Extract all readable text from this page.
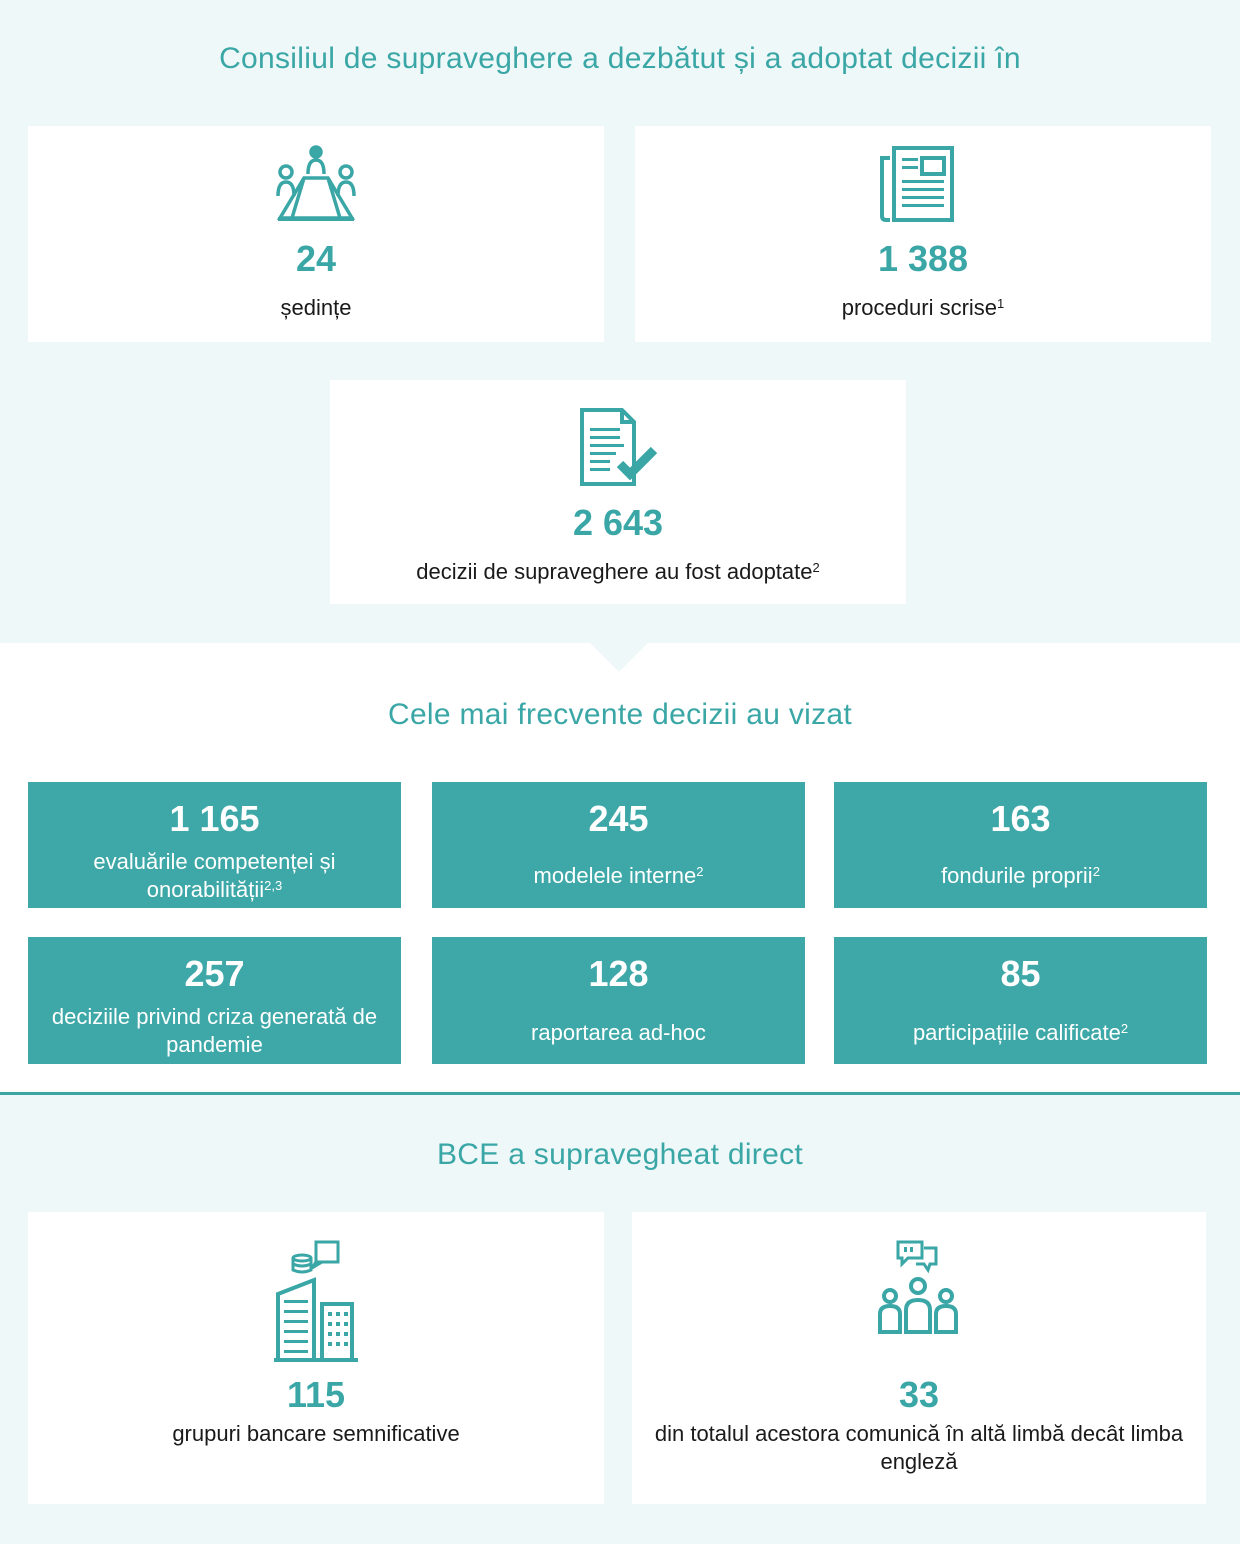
Consiliul de supraveghere a dezbătut și a adoptat decizii în
24
ședințe
1 388
proceduri scrise$^1$
2 643
decizii de supraveghere au fost adoptate$^2$
Cele mai frecvente decizii au vizat
1 165
evaluările competenței și onorabilității$^{2,3}$
245
modelele interne$^2$
163
fondurile proprii$^2$
257
deciziile privind criza generată de pandemie
128
raportarea ad-hoc
85
participațiile calificate$^2$
BCE a supravegheat direct
115
grupuri bancare semnificative
33
din totalul acestora comunică în altă limbă decât limba engleză
